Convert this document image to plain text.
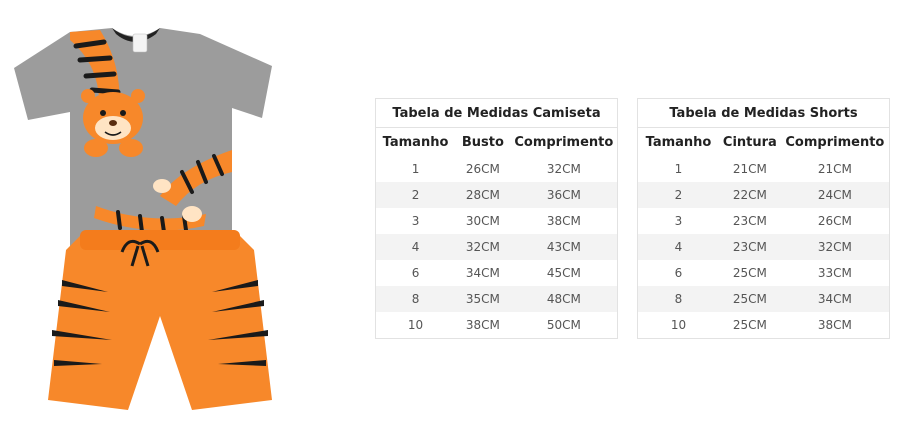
Tabela de Medidas Camiseta		
Tamanho	Busto	Comprimento
1	26CM	32CM
2	28CM	36CM
3	30CM	38CM
4	32CM	43CM
6	34CM	45CM
8	35CM	48CM
10	38CM	50CM
Tabela de Medidas Shorts		
Tamanho	Cintura	Comprimento
1	21CM	21CM
2	22CM	24CM
3	23CM	26CM
4	23CM	32CM
6	25CM	33CM
8	25CM	34CM
10	25CM	38CM
